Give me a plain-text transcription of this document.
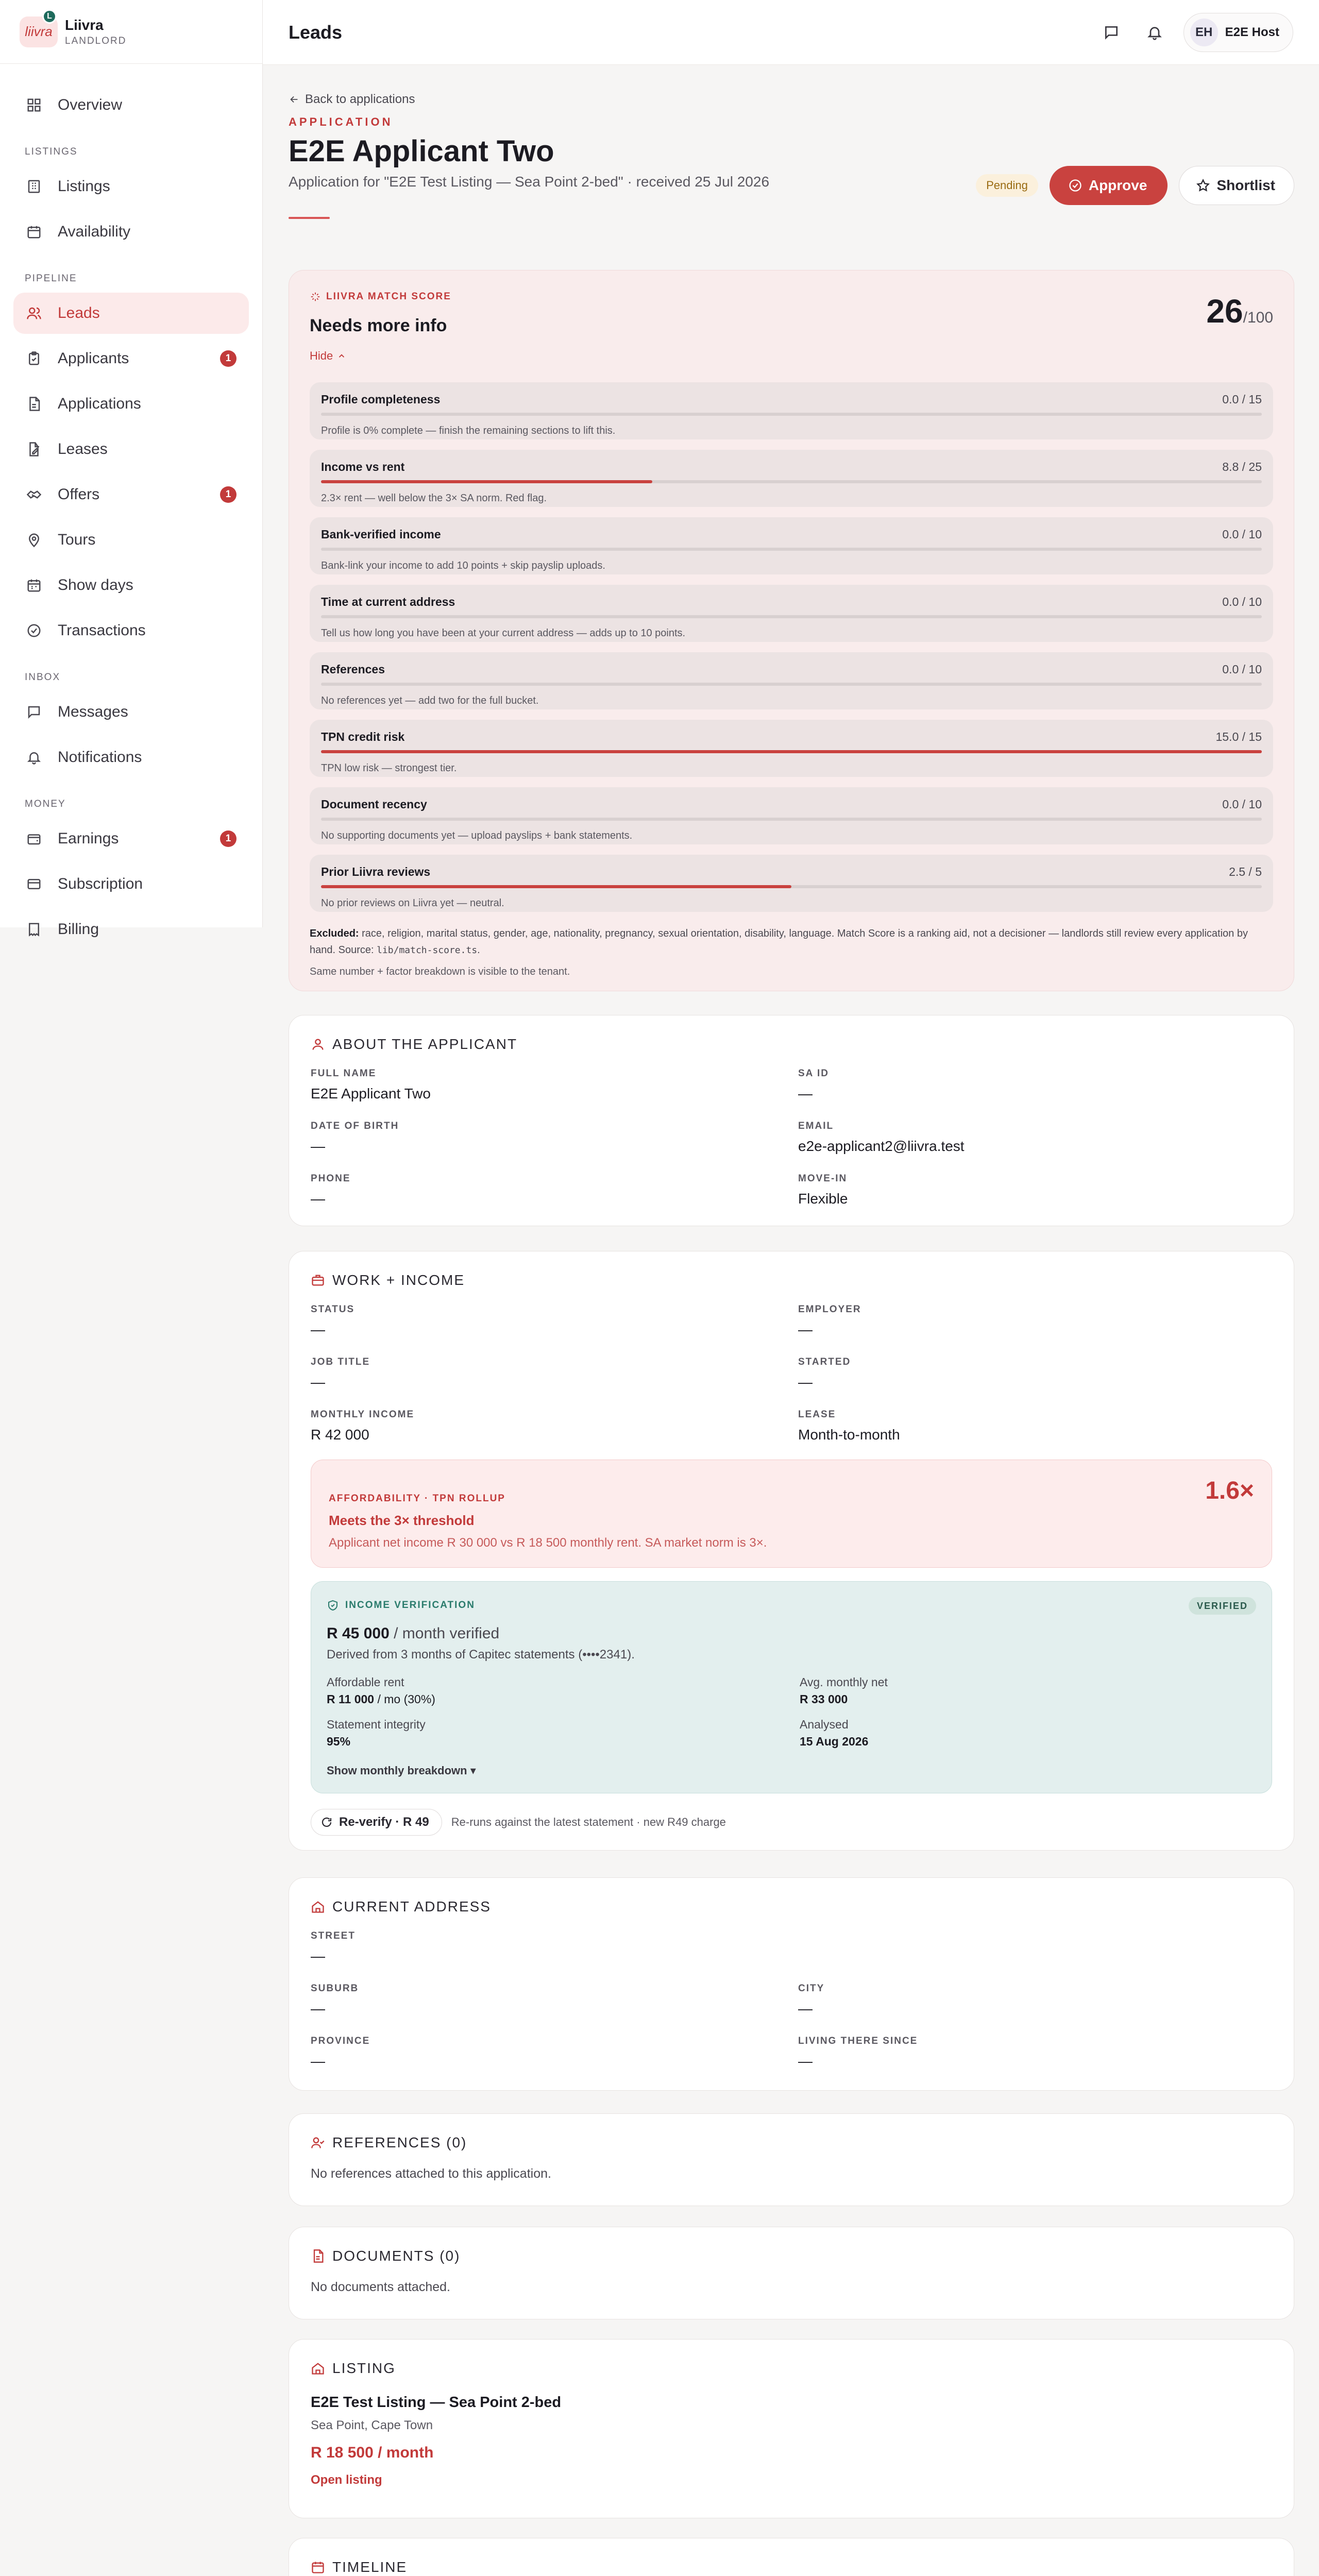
liivra
L
Liivra
LANDLORD
Overview
LISTINGS
Listings
Availability
PIPELINE
Leads
Applicants	1
Applications
Leases
Offers	1
Tours
Show days
Transactions
INBOX
Messages
Notifications
MONEY
Earnings	1
Subscription
Billing
Leads	EH	E2E Host
Back to applications
APPLICATION
E2E Applicant Two
Application for "E2E Test Listing — Sea Point 2-bed" · received 25 Jul 2026	Pending	Approve	Shortlist
LIIVRA MATCH SCORE
Needs more info
Hide
26/100
Profile completeness	0.0 / 15
Profile is 0% complete — finish the remaining sections to lift this.
Income vs rent	8.8 / 25
2.3× rent — well below the 3× SA norm. Red flag.
Bank-verified income	0.0 / 10
Bank-link your income to add 10 points + skip payslip uploads.
Time at current address	0.0 / 10
Tell us how long you have been at your current address — adds up to 10 points.
References	0.0 / 10
No references yet — add two for the full bucket.
TPN credit risk	15.0 / 15
TPN low risk — strongest tier.
Document recency	0.0 / 10
No supporting documents yet — upload payslips + bank statements.
Prior Liivra reviews	2.5 / 5
No prior reviews on Liivra yet — neutral.
Excluded: race, religion, marital status, gender, age, nationality, pregnancy, sexual orientation, disability, language. Match Score is a ranking aid, not a decisioner — landlords still review every application by hand. Source: lib/match-score.ts.
Same number + factor breakdown is visible to the tenant.
ABOUT THE APPLICANT
FULL NAME
E2E Applicant Two
SA ID
—
DATE OF BIRTH
—
EMAIL
e2e-applicant2@liivra.test
PHONE
—
MOVE-IN
Flexible
WORK + INCOME
STATUS
—
EMPLOYER
—
JOB TITLE
—
STARTED
—
MONTHLY INCOME
R 42 000
LEASE
Month-to-month
AFFORDABILITY · TPN ROLLUP
Meets the 3× threshold
Applicant net income R 30 000 vs R 18 500 monthly rent. SA market norm is 3×.
1.6×
INCOME VERIFICATION	VERIFIED
R 45 000 / month verified
Derived from 3 months of Capitec statements (••••2341).
Affordable rent
R 11 000 / mo (30%)
Avg. monthly net
R 33 000
Statement integrity
95%
Analysed
15 Aug 2026
Show monthly breakdown ▾
Re-verify · R 49 Re-runs against the latest statement · new R49 charge
CURRENT ADDRESS
STREET
—
SUBURB
—
CITY
—
PROVINCE
—
LIVING THERE SINCE
—
REFERENCES (0)
No references attached to this application.
DOCUMENTS (0)
No documents attached.
LISTING
E2E Test Listing — Sea Point 2-bed
Sea Point, Cape Town
R 18 500 / month
Open listing
TIMELINE
